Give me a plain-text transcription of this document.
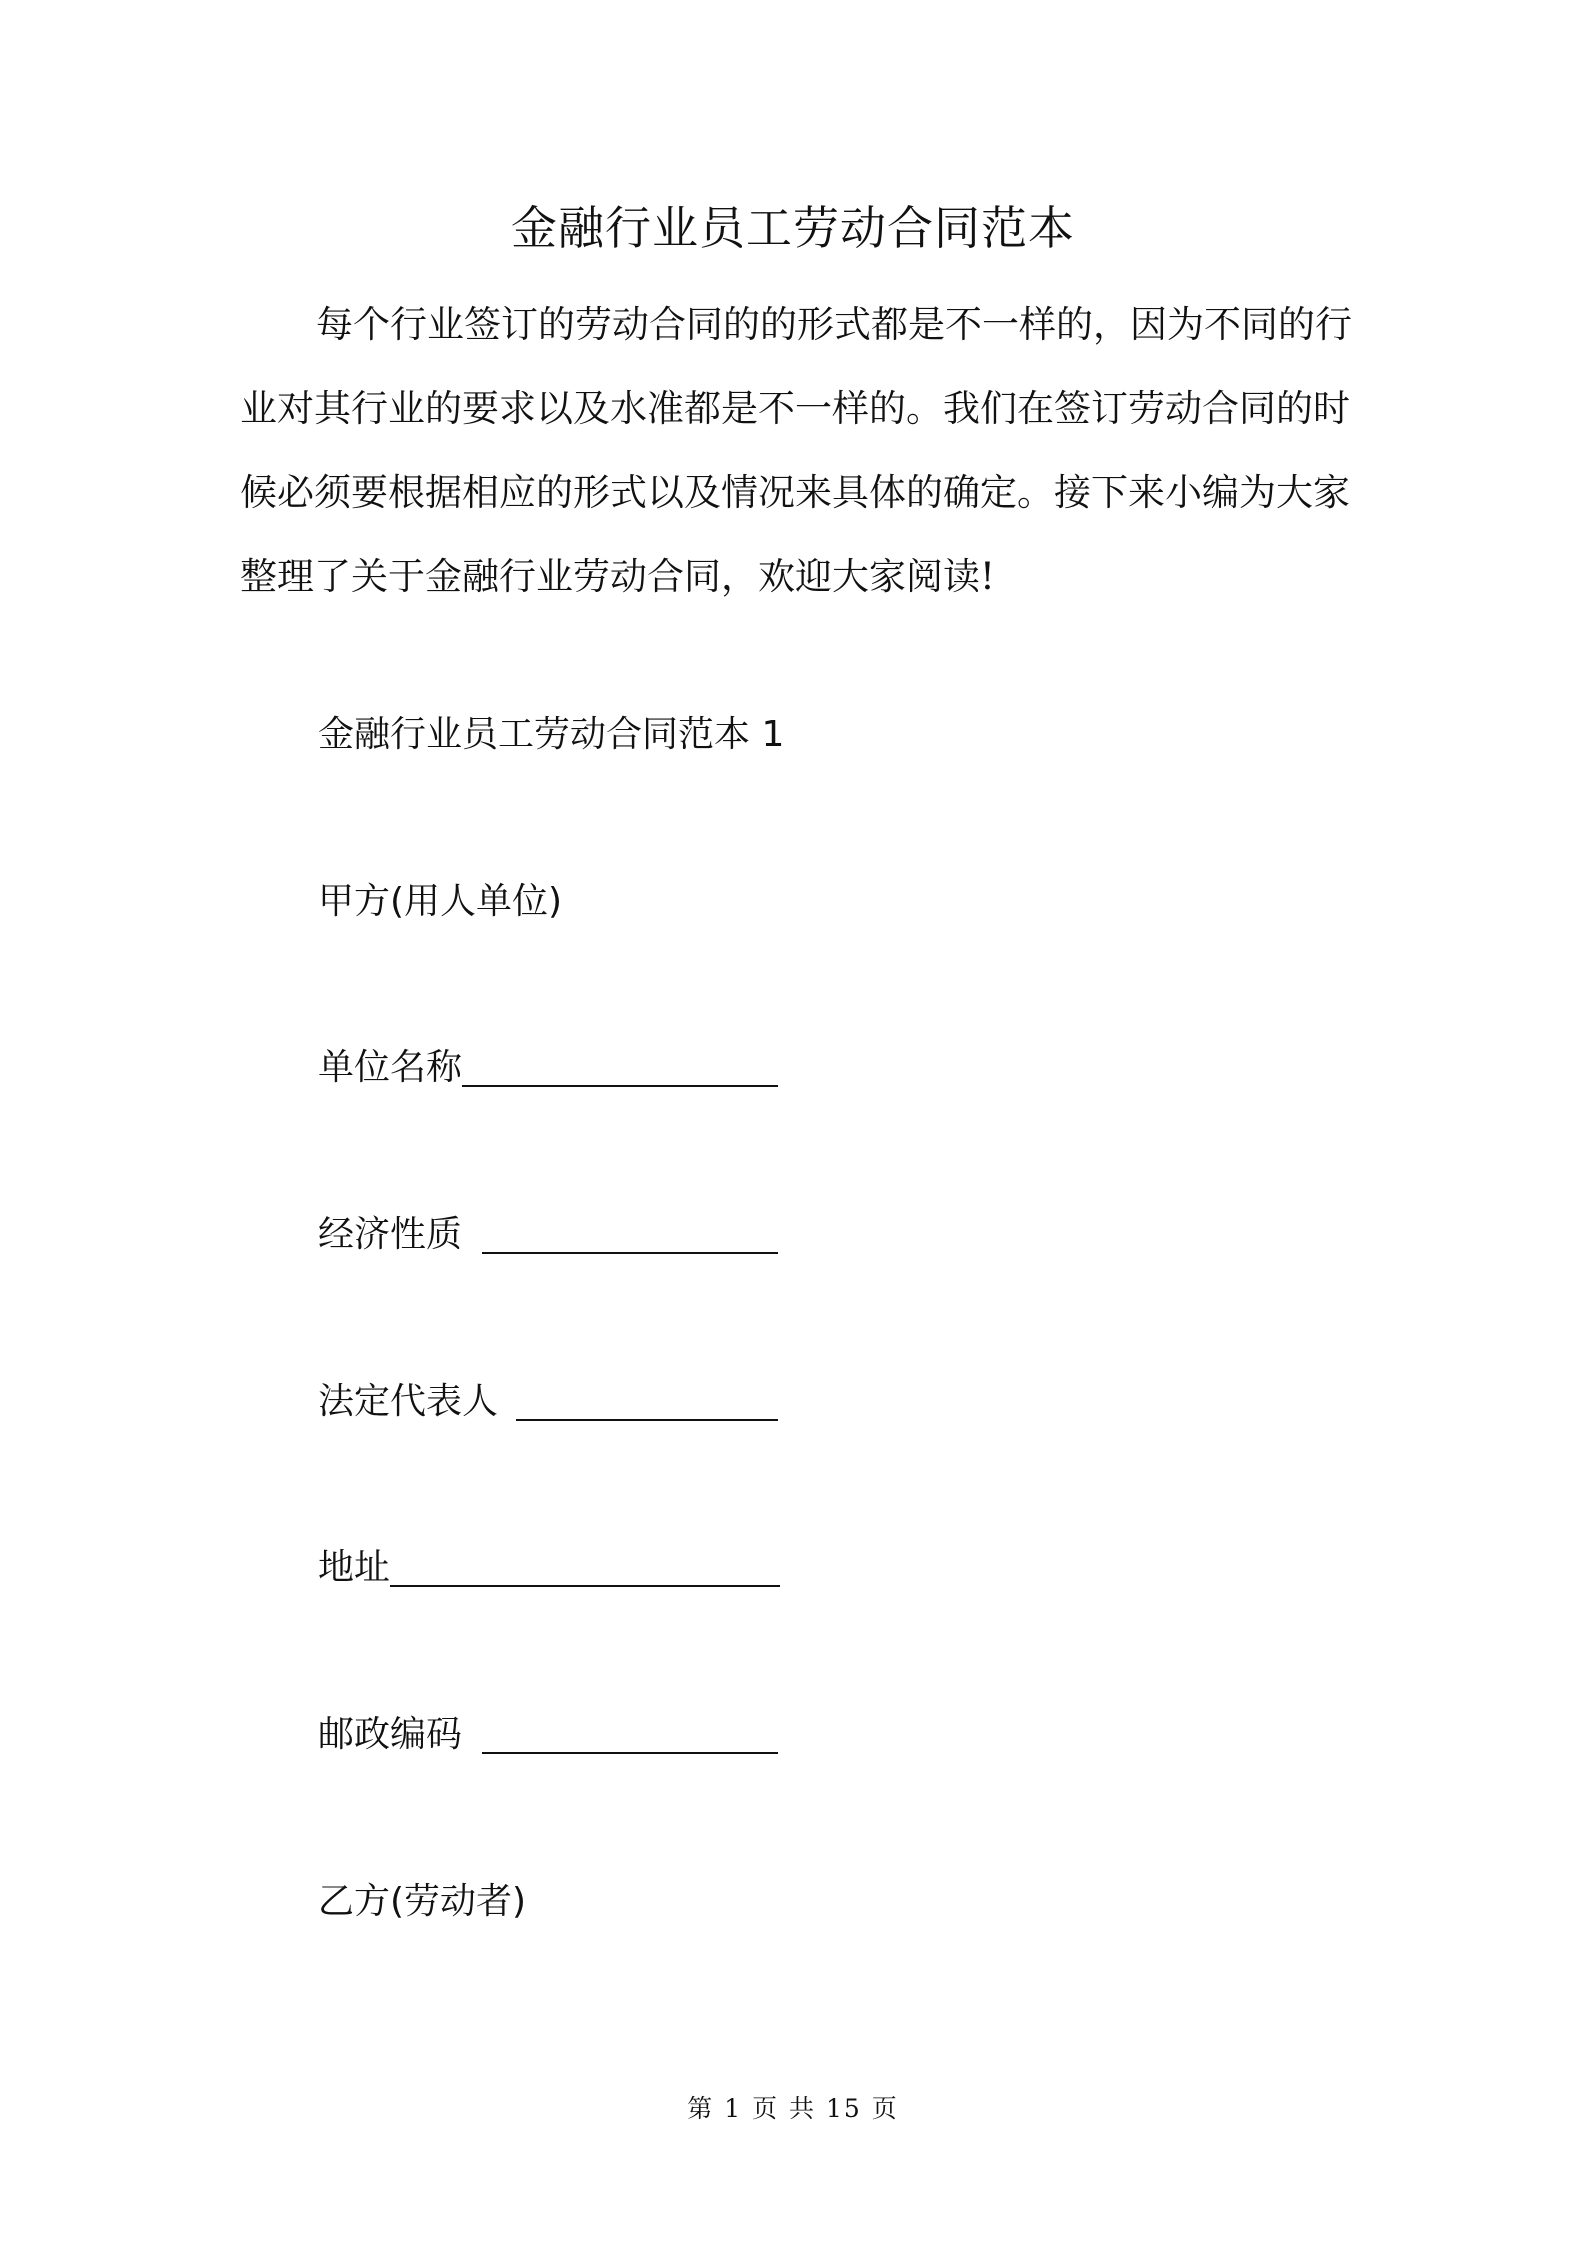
金融行业员工劳动合同范本
每个行业签订的劳动合同的的形式都是不一样的，因为不同的行
业对其行业的要求以及水准都是不一样的。我们在签订劳动合同的时
候必须要根据相应的形式以及情况来具体的确定。接下来小编为大家
整理了关于金融行业劳动合同，欢迎大家阅读!
金融行业员工劳动合同范本 1
甲方(用人单位)
单位名称
经济性质
法定代表人
地址
邮政编码
乙方(劳动者)
第 1 页 共 15 页
